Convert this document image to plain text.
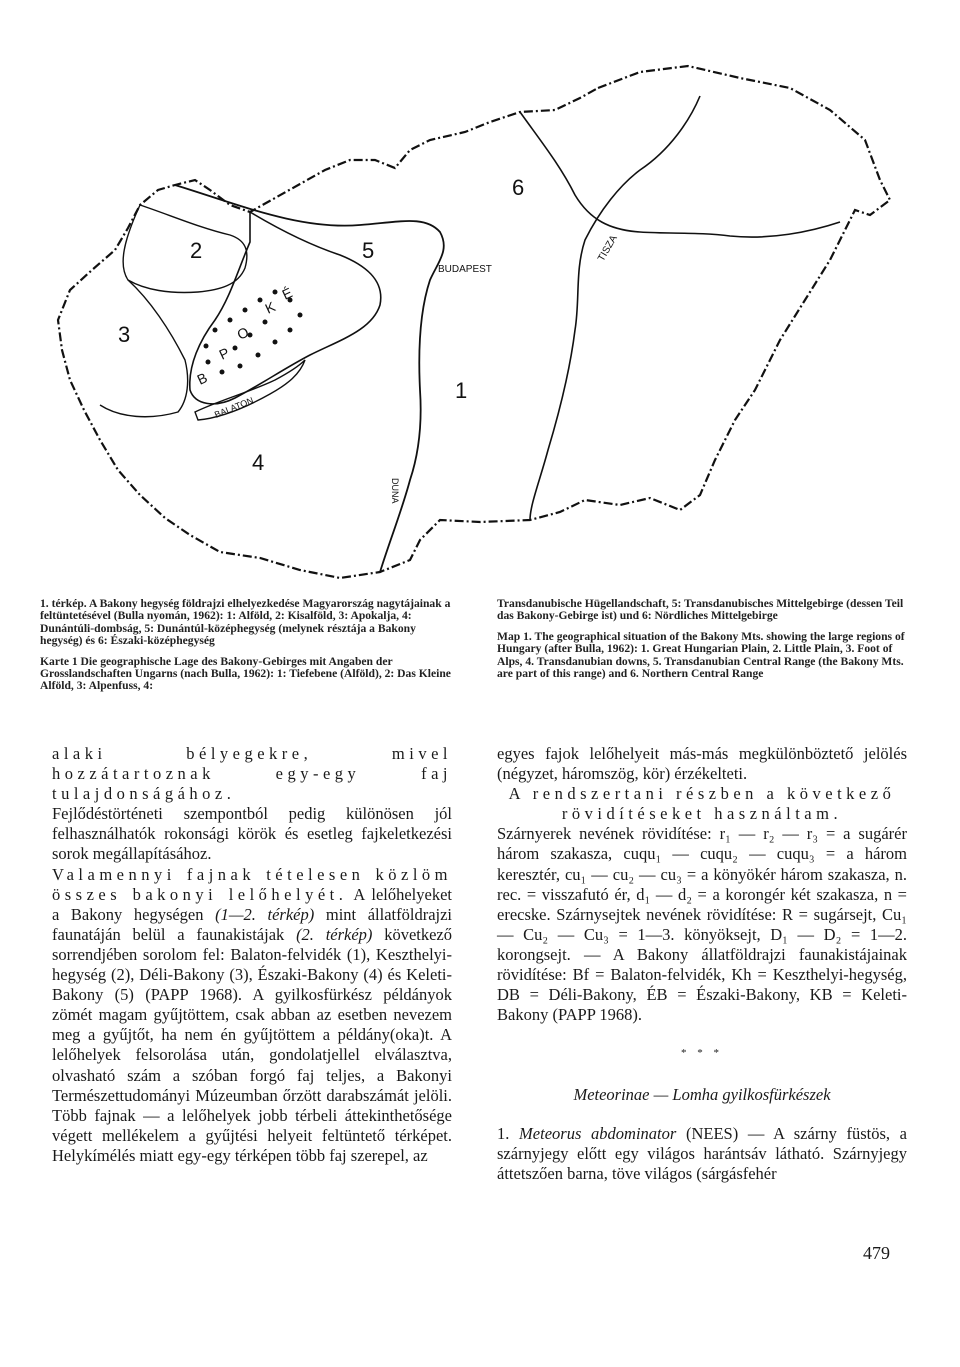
1
2
3
4
5
6
BUDAPEST
TISZA
BALATON
DUNA
B
P
O
K
É

1. térkép. A Bakony hegység földrajzi elhelyezkedése Magyarország nagytájainak a feltüntetésével (Bulla nyomán, 1962): 1: Alföld, 2: Kisalföld, 3: Apokalja, 4: Dunántúli-dombság, 5: Dunántúl-középhegység (melynek résztája a Bakony hegység) és 6: Északi-középhegység

Karte 1 Die geographische Lage des Bakony-Gebirges mit Angaben der Grosslandschaften Ungarns (nach Bulla, 1962): 1: Tiefebene (Alföld), 2: Das Kleine Alföld, 3: Alpenfuss, 4:

Transdanubische Hügellandschaft, 5: Transdanubisches Mittelgebirge (dessen Teil das Bakony-Gebirge ist) und 6: Nördliches Mittelgebirge

Map 1. The geographical situation of the Bakony Mts. showing the large regions of Hungary (after Bulla, 1962): 1. Great Hungarian Plain, 2. Little Plain, 3. Foot of Alps, 4. Transdanubian downs, 5. Transdanubian Central Range (the Bakony Mts. are part of this range) and 6. Northern Central Range

alaki bélyegekre, mivel hozzátartoznak egy-egy faj tulajdonságához.

Fejlődéstörténeti szempontból pedig különösen jól felhasználhatók rokonsági körök és esetleg fajkeletkezési sorok megállapításához.

Valamennyi fajnak tételesen közlöm összes bakonyi lelőhelyét. A lelőhelyeket a Bakony hegységen (1—2. térkép) mint állatföldrajzi faunatáján belül a faunakistájak (2. térkép) következő sorrendjében sorolom fel: Balaton-felvidék (1), Keszthelyi-hegység (2), Déli-Bakony (3), Északi-Bakony (4) és Keleti-Bakony (5) (PAPP 1968). A gyilkosfürkész példányok zömét magam gyűjtöttem, csak abban az esetben nevezem meg a gyűjtőt, ha nem én gyűjtöttem a példány(oka)t. A lelőhelyek felsorolása után, gondolatjellel elválasztva, olvasható szám a szóban forgó faj teljes, a Bakonyi Természettudományi Múzeumban őrzött darabszámát jelöli. Több fajnak — a lelőhelyek jobb térbeli áttekinthetősége végett mellékelem a gyűjtési helyeit feltüntető térképet. Helykímélés miatt egy-egy térképen több faj szerepel, az

egyes fajok lelőhelyeit más-más megkülönböztető jelölés (négyzet, háromszög, kör) érzékelteti.

A rendszertani részben a következő rövidítéseket használtam.

Szárnyerek nevének rövidítése: r₁ — r₂ — r₃ = a sugárér három szakasza, cuqu₁ — cuqu₂ — cuqu₃ = a három keresztér, cu₁ — cu₂ — cu₃ = a könyökér három szakasza, n. rec. = visszafutó ér, d₁ — d₂ = a korongér két szakasza, n = erecske. Szárnysejtek nevének rövidítése: R = sugársejt, Cu₁ — Cu₂ — Cu₃ = 1—3. könyöksejt, D₁ — D₂ = 1—2. korongsejt. — A Bakony állatföldrajzi faunakistájainak rövidítése: Bf = Balaton-felvidék, Kh = Keszthelyi-hegység, DB = Déli-Bakony, ÉB = Északi-Bakony, KB = Keleti-Bakony (PAPP 1968).

* * *
Meteorinae — Lomha gyilkosfürkészek

1. Meteorus abdominator (NEES) — A szárny füstös, a szárnyjegy előtt egy világos harántsáv látható. Szárnyjegy áttetszően barna, töve világos (sárgásfehér

479
